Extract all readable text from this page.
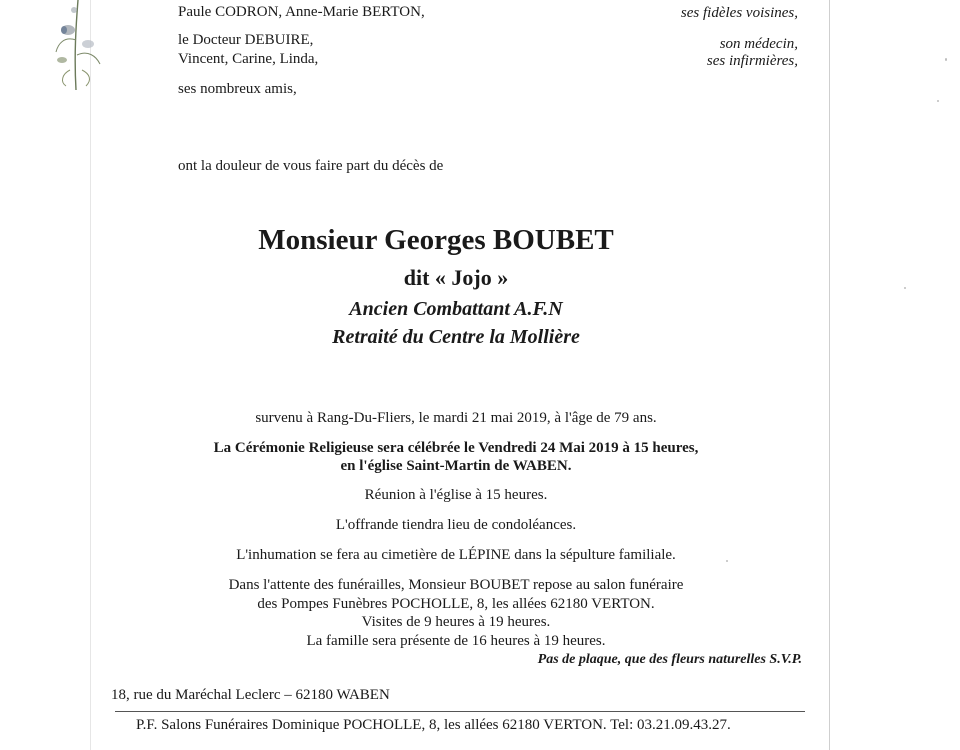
Paule CODRON, Anne-Marie BERTON,
le Docteur DEBUIRE,
Vincent, Carine, Linda,
ses nombreux amis,
ses fidèles voisines,
son médecin,
ses infirmières,
ont la douleur de vous faire part du décès de
Monsieur Georges BOUBET
dit « Jojo »
Ancien Combattant A.F.N
Retraité du Centre la Mollière
survenu à Rang-Du-Fliers, le mardi 21 mai 2019, à l'âge de 79 ans.
La Cérémonie Religieuse sera célébrée le Vendredi 24 Mai 2019 à 15 heures,
en l'église Saint-Martin de WABEN.
Réunion à l'église à 15 heures.
L'offrande tiendra lieu de condoléances.
L'inhumation se fera au cimetière de LÉPINE dans la sépulture familiale.
Dans l'attente des funérailles, Monsieur BOUBET repose au salon funéraire
des Pompes Funèbres POCHOLLE, 8, les allées 62180 VERTON.
Visites de 9 heures à 19 heures.
La famille sera présente de 16 heures à 19 heures.
Pas de plaque, que des fleurs naturelles S.V.P.
18, rue du Maréchal Leclerc – 62180 WABEN
P.F. Salons Funéraires Dominique POCHOLLE, 8, les allées 62180 VERTON. Tel: 03.21.09.43.27.
